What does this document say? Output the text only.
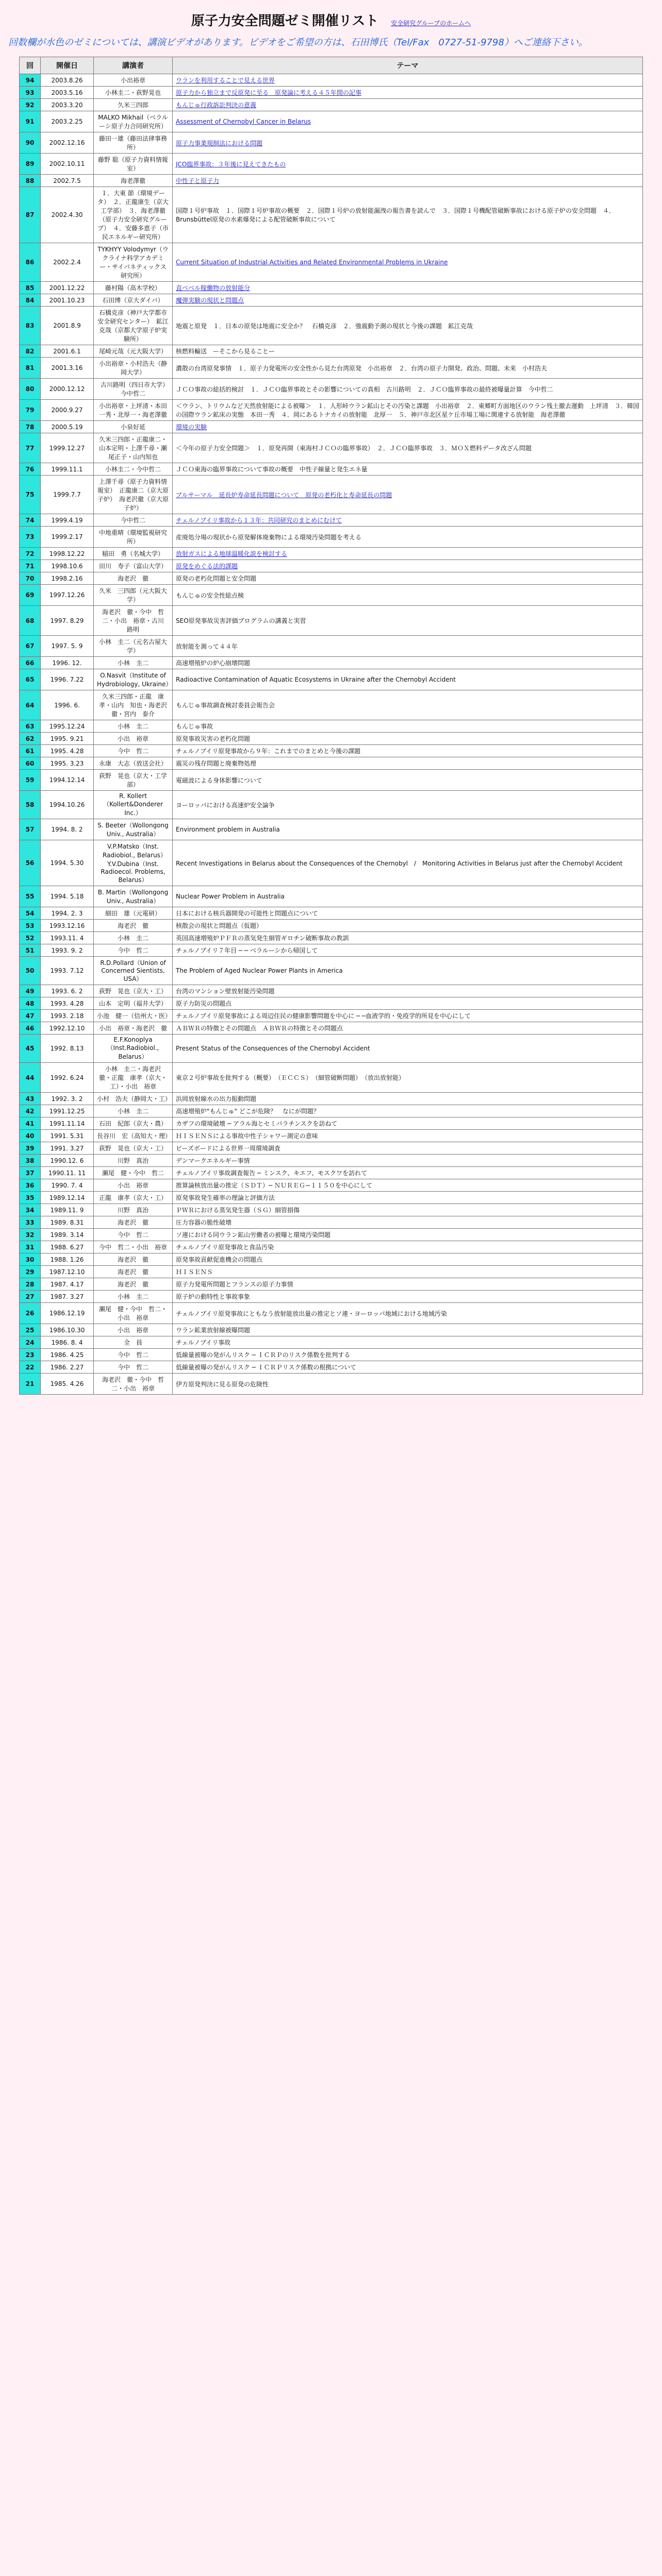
原子力安全問題ゼミ開催リスト 安全研究グループのホームへ

回数欄が水色のゼミについては、講演ビデオがあります。ビデオをご希望の方は、石田博氏（Tel/Fax　0727-51-9798）へご連絡下さい。

回	開催日	講演者	テーマ
94	2003.8.26	小出裕章	ウランを利用することで見える世界
93	2003.5.16	小林圭二・荻野晃也	原子力から独立まで反原発に至る　原発論に考える４５年間の記事
92	2003.3.20	久米三四郎	もんじゅ行政訴訟判決の意義
91	2003.2.25	MALKO Mikhail（ベラルーシ原子力合同研究所）	Assessment of Chernobyl Cancer in Belarus
90	2002.12.16	藤田一雄（藤田法律事務所）	原子力事業規制法における問題
89	2002.10.11	藤野 聡（原子力資料情報室）	JCO臨界事故：３年後に見えてきたもの
88	2002.7.5	海老澤徹	中性子と原子力
87	2002.4.30	１．大東 節（環境データ）　２．正龍康生（京大工学部）　３．海老澤徹（原子力安全研究グループ）　４．安藤多恵子（市民エネルギー研究所）	国際１号炉事故　１．国際１号炉事故の概要　２．国際１号炉の放射能漏洩の報告書を読んで　３．国際１号機配管破断事故における原子炉の安全問題　４．Brunsbüttel原発の水素爆発による配管破断事故について
86	2002.2.4	TYKHYY Volodymyr（ウクライナ科学アカデミー・サイバネティックス研究所）	Current Situation of Industrial Activities and Related Environmental Problems in Ukraine
85	2001.12.22	藤村陽（高木学校）	直ベベル稼働物の放射能分
84	2001.10.23	石田博（京大ダイバ）	魔弾実験の現状と問題点
83	2001.8.9	石橋克彦（神戸大学都市安全研究センター）　鉱江克哉（京都大学原子炉実験所）	地震と原発　１．日本の原発は地震に安全か？　石橋克彦　２．強震動予測の現状と今後の課題　鉱江克哉
82	2001.6.1	尾崎元哉（元大阪大学）	核燃料輸送　ーそこから見ることー
81	2001.3.16	小出裕章・小村浩夫（静岡大学）	濃散の台湾原発事情　１．原子力発電所の安全性から見た台湾原発　小出裕章　２．台湾の原子力開発、政治、問題、未来　小村浩夫
80	2000.12.12	古川路明（四日市大学）　今中哲二	ＪＣＯ事故の総括的検討　１．ＪＣＯ臨界事故とその影響についての真相　古川路明　２．ＪＣＯ臨界事故の最終被曝量計算　今中哲二
79	2000.9.27	小出裕章・上坪清・本田一秀・北厚一・海老澤徹	＜ウラン、トリウムなど天然放射能による被曝＞　１．人形峠ウラン鉱山とその汚染と課題　小出裕章　２．東郷町方面地区のウラン残土撤去運動　上坪清　３．韓国の国際ウラン鉱床の実態　本田一秀　４．岡にあるトナカイの放射能　北厚一　５．神戸市北区星ケ丘市場工場に関連する放射能　海老澤徹
78	2000.5.19	小泉好延	環境の実験
77	1999.12.27	久米三四郎・正龍康二・山本定明・上澤千尋・瀬尾正子・山内知也	＜今年の原子力安全問題＞　１．原発再開（東海村ＪＣＯの臨界事故）　２．ＪＣＯ臨界事故　３．ＭＯＸ燃料データ改ざん問題
76	1999.11.1	小林圭二・今中哲二	ＪＣＯ東海の臨界事故について事故の概要　中性子線量と発生エネ量
75	1999.7.7	上澤千尋（原子力資料情報室）　正龍康二（京大原子炉）　海老沢徹（京大原子炉）	プルサーマル　延長炉寿命延長問題について　原発の老朽化と寿命延長の問題
74	1999.4.19	今中哲二	チェルノブイリ事故から１３年：共同研究のまとめにむけて
73	1999.2.17	中地重晴（環境監視研究所）	産廃処分場の現状から原発解体廃棄物による環境汚染問題を考える
72	1998.12.22	稲田　勇（名城大学）	放射ガスによる地球温暖化説を検討する
71	1998.10.6	田川　寿子（富山大学）	原発をめぐる法的課題
70	1998.2.16	海老沢　徹	原発の老朽化問題と安全問題
69	1997.12.26	久米　三四郎（元大阪大学）	もんじゅの安全性総点検
68	1997. 8.29	海老沢　徹・今中　哲二・小出　裕章・古川　路明	SEO原発事故災害評価プログラムの講義と実習
67	1997. 5. 9	小林　圭二（元名古屋大学）	放射能を測って４４年
66	1996. 12.	小林　圭二	高速増殖炉の炉心崩壊問題
65	1996. 7.22	O.Nasvit（Institute of Hydrobiology, Ukraine）	Radioactive Contamination of Aquatic Ecosystems in Ukraine after the Chernobyl Accident
64	1996. 6.	久米三四郎・正龍　康孝・山内　知也・海老沢　徹・宮内　泰介	もんじゅ事故調査検討委員会報告会
63	1995.12.24	小林　圭二	もんじゅ事故
62	1995. 9.21	小出　裕章	原発事故災害の老朽化問題
61	1995. 4.28	今中　哲二	チェルノブイリ原発事故から９年：これまでのまとめと今後の課題
60	1995. 3.23	永康　大志（放送会社）	震災の残存問題と廃棄物処理
59	1994.12.14	荻野　晃也（京大・工学部）	電磁波による身体影響について
58	1994.10.26	R. Kollert（Kollert&Donderer Inc.）	ヨーロッパにおける高速炉安全論争
57	1994. 8. 2	S. Beeter（Wollongong Univ., Australia）	Environment problem in Australia
56	1994. 5.30	V.P.Matsko（Inst. Radiobiol., Belarus）　Y.V.Dubina（Inst. Radioecol. Problems, Belarus）	Recent Investigations in Belarus about the Consequences of the Chernobyl　/　Monitoring Activities in Belarus just after the Chernobyl Accident
55	1994. 5.18	B. Martin（Wollongong Univ., Australia）	Nuclear Power Problem in Australia
54	1994. 2. 3	細田　雄（元電研）	日本における核兵器開発の可能性と問題点について
53	1993.12.16	海老沢　徹	核散会の現状と問題点（仮題）
52	1993.11. 4	小林　圭二	英国高速増殖炉ＰＦＲの蒸気発生細管ギロチン破断事故の教訓
51	1993. 9. 2	今中　哲二	チェルノブイリ７年目 ─ ─ ベラルーシから帰国して
50	1993. 7.12	R.D.Pollard（Union of Concerned Sientists, USA）	The Problem of Aged Nuclear Power Plants in America
49	1993. 6. 2	荻野　晃也（京大・工）	台湾のマンション壁放射能汚染問題
48	1993. 4.28	山本　定明（福井大学）	原子力防災の問題点
47	1993. 2.18	小池　健一（信州大・医）	チェルノブイリ原発事故による周辺住民の健康影響問題を中心に ─ ─血液学的・免疫学的所見を中心にして
46	1992.12.10	小出　裕章・海老沢　徹	ＡＢＷＲの特徴とその問題点　ＡＢＷＲの特徴とその問題点
45	1992. 8.13	E.F.Konoplya（Inst.Radiobiol., Belarus）	Present Status of the Consequences of the Chernobyl Accident
44	1992. 6.24	小林　圭二・海老沢　徹・正龍　康孝（京大・工）・小出　裕章	東京２号炉事故を批判する（概要）　（ＥＣＣＳ）　（細管破断問題）　（放出放射能）
43	1992. 3. 2	小村　浩夫（静岡大・工）	浜岡放射線水の出力振動問題
42	1991.12.25	小林　圭二	高速増殖炉"もんじゅ" どこが危険？　なにが問題？
41	1991.11.14	石田　紀郎（京大・農）	カザフの環境破壊 ─ アラル海とセミパラチンスクを訪ねて
40	1991. 5.31	長谷川　宏（高知大・理）	ＨＩＳＥＮＳによる事故中性子シャワー測定の意味
39	1991. 3.27	荻野　晃也（京大・工）	ビーズボードによる世界一周環境調査
38	1990.12. 6	川野　真治	デンマークエネルギー事情
37	1990.11. 11	瀬尾　健・今中　哲二	チェルノブイリ事故調査報告 ─ ミンスク、キエフ、モスクワを訪れて
36	1990. 7. 4	小出　裕章	推算論核放出量の推定（ＳＤＴ）─ ＮＵＲＥＧ−１１５０を中心にして
35	1989.12.14	正龍　康孝（京大・工）	原発事故発生確率の理論と評価方法
34	1989.11. 9	川野　真治	ＰＷＲにおける蒸気発生器（ＳＧ）細管損傷
33	1989. 8.31	海老沢　徹	圧力容器の脆性破壊
32	1989. 3.14	今中　哲二	ソ連における同ウラン鉱山労働者の被曝と環境汚染問題
31	1988. 6.27	今中　哲二・小出　裕章	チェルノブイリ原発事故と食品汚染
30	1988. 1.26	海老沢　徹	原発事故貢献促進機会の問題点
29	1987.12.10	海老沢　徹	ＨＩＳＥＮＳ
28	1987. 4.17	海老沢　徹	原子力発電所問題とフランスの原子力事情
27	1987. 3.27	小林　圭二	原子炉の動特性と事故事象
26	1986.12.19	瀬尾　健・今中　哲二・小出　裕章	チェルノブイリ原発事故にともなう放射能放出量の推定とソ連・ヨーロッパ地域における地域汚染
25	1986.10.30	小出　裕章	ウラン鉱業放射線被曝問題
24	1986. 8. 4	全　員	チェルノブイリ事故
23	1986. 4.25	今中　哲二	低線量被曝の発がんリスク ─ ＩＣＲＰのリスク係数を批判する
22	1986. 2.27	今中　哲二	低線量被曝の発がんリスク ─ ＩＣＲＰリスク係数の根拠について
21	1985. 4.26	海老沢　徹・今中　哲二・小出　裕章	伊方原発判決に見る原発の危険性
